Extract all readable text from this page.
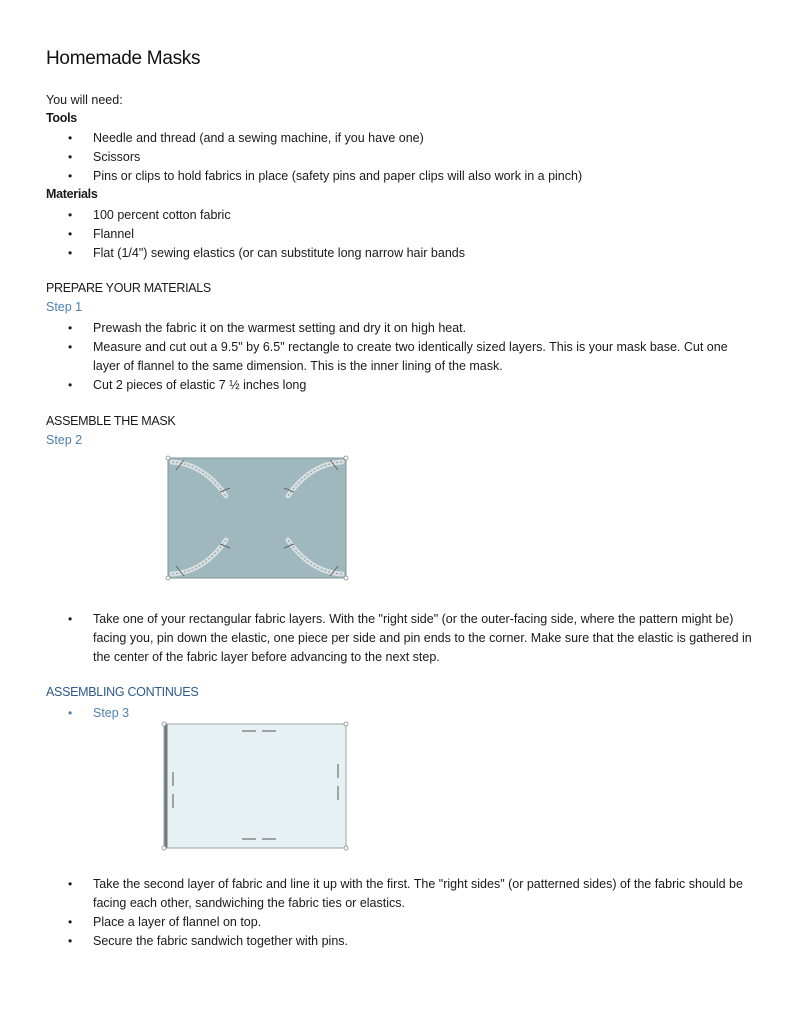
Homemade Masks
You will need:
Tools
• Needle and thread (and a sewing machine, if you have one)
• Scissors
• Pins or clips to hold fabrics in place (safety pins and paper clips will also work in a pinch)
Materials
• 100 percent cotton fabric
• Flannel
• Flat (1/4") sewing elastics (or can substitute long narrow hair bands
PREPARE YOUR MATERIALS
Step 1
• Prewash the fabric it on the warmest setting and dry it on high heat.
• Measure and cut out a 9.5" by 6.5" rectangle to create two identically sized layers. This is your mask base. Cut one layer of flannel to the same dimension. This is the inner lining of the mask.
• Cut 2 pieces of elastic 7 ½ inches long
ASSEMBLE THE MASK
Step 2
• Take one of your rectangular fabric layers. With the "right side" (or the outer-facing side, where the pattern might be) facing you, pin down the elastic, one piece per side and pin ends to the corner. Make sure that the elastic is gathered in the center of the fabric layer before advancing to the next step.
ASSEMBLING CONTINUES
• Step 3
• Take the second layer of fabric and line it up with the first. The "right sides" (or patterned sides) of the fabric should be facing each other, sandwiching the fabric ties or elastics.
• Place a layer of flannel on top.
• Secure the fabric sandwich together with pins.
